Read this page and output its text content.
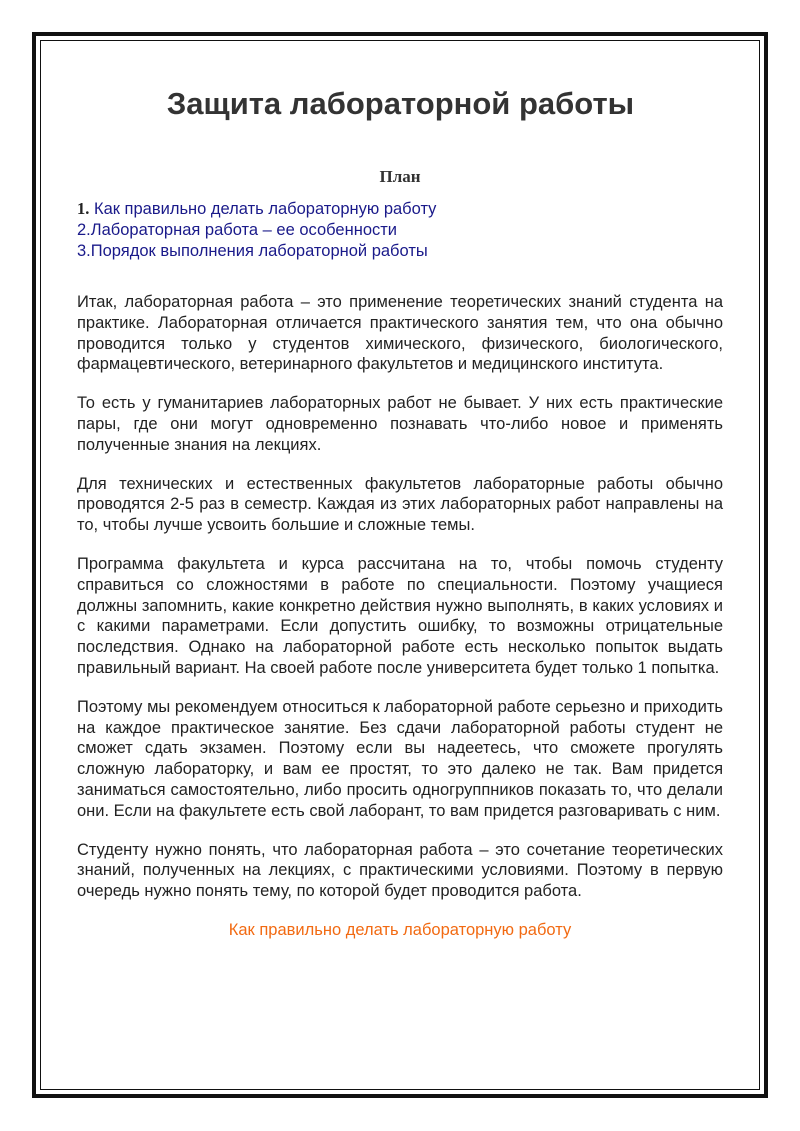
Защита лабораторной работы
План
1. Как правильно делать лабораторную работу
2.Лабораторная работа – ее особенности
3.Порядок выполнения лабораторной работы

Итак, лабораторная работа – это применение теоретических знаний студента на практике. Лабораторная отличается практического занятия тем, что она обычно проводится только у студентов химического, физического, биологического, фармацевтического, ветеринарного факультетов и медицинского института.

То есть у гуманитариев лабораторных работ не бывает. У них есть практические пары, где они могут одновременно познавать что-либо новое и применять полученные знания на лекциях.

Для технических и естественных факультетов лабораторные работы обычно проводятся 2-5 раз в семестр. Каждая из этих лабораторных работ направлены на то, чтобы лучше усвоить большие и сложные темы.

Программа факультета и курса рассчитана на то, чтобы помочь студенту справиться со сложностями в работе по специальности. Поэтому учащиеся должны запомнить, какие конкретно действия нужно выполнять, в каких условиях и с какими параметрами. Если допустить ошибку, то возможны отрицательные последствия. Однако на лабораторной работе есть несколько попыток выдать правильный вариант. На своей работе после университета будет только 1 попытка.

Поэтому мы рекомендуем относиться к лабораторной работе серьезно и приходить на каждое практическое занятие. Без сдачи лабораторной работы студент не сможет сдать экзамен. Поэтому если вы надеетесь, что сможете прогулять сложную лабораторку, и вам ее простят, то это далеко не так. Вам придется заниматься самостоятельно, либо просить одногруппников показать то, что делали они. Если на факультете есть свой лаборант, то вам придется разговаривать с ним.

Студенту нужно понять, что лабораторная работа – это сочетание теоретических знаний, полученных на лекциях, с практическими условиями. Поэтому в первую очередь нужно понять тему, по которой будет проводится работа.

Как правильно делать лабораторную работу
